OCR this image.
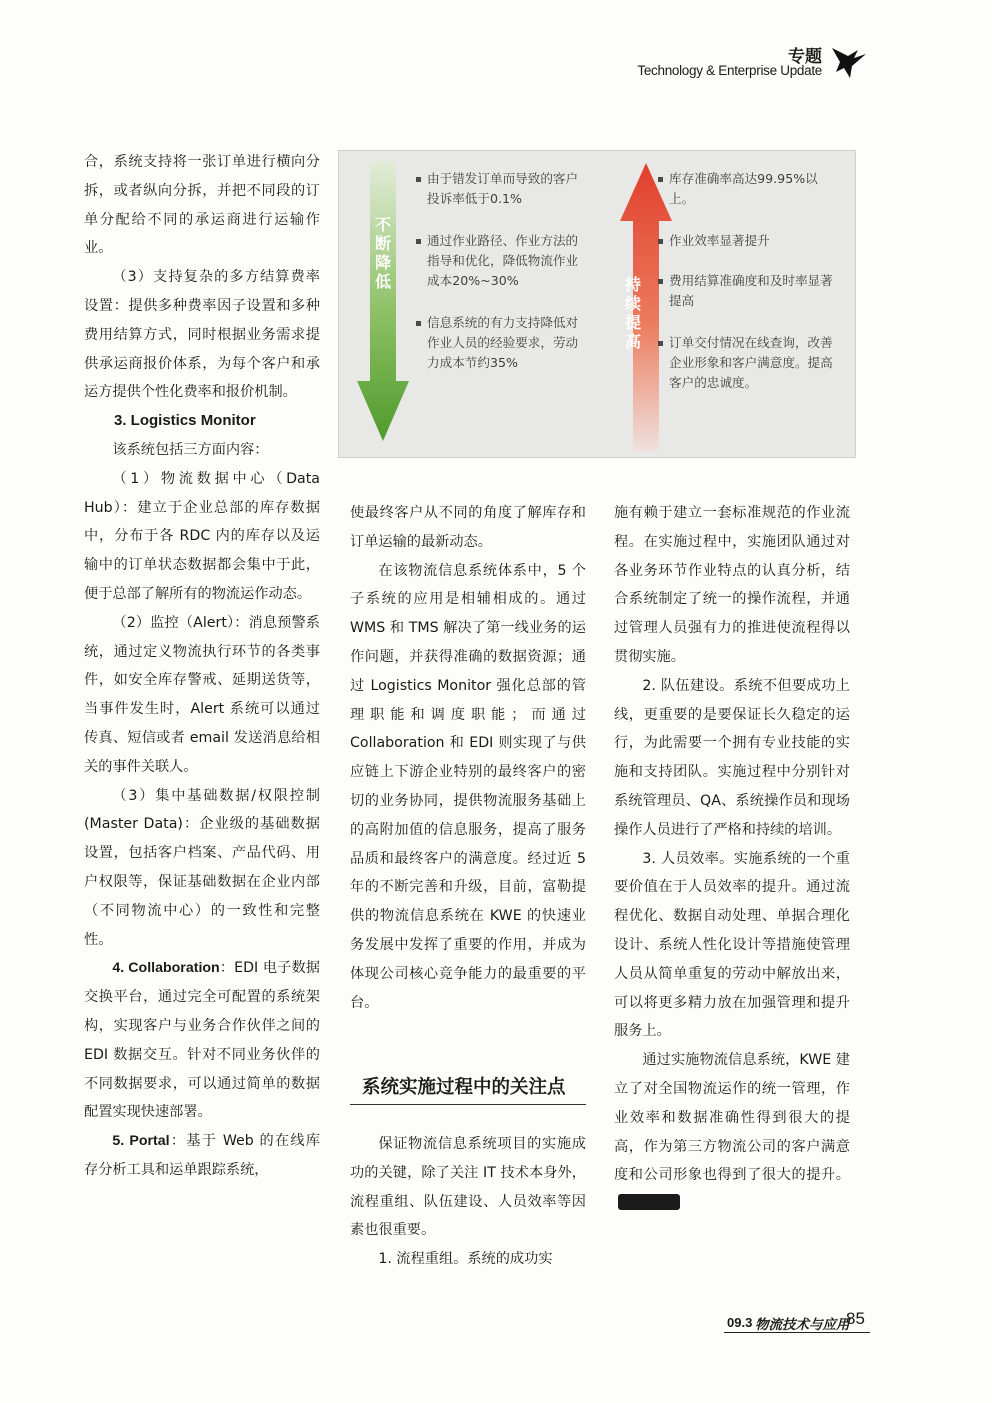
专题
Technology & Enterprise Update

合，系统支持将一张订单进行横向分拆，或者纵向分拆，并把不同段的订单分配给不同的承运商进行运输作业。

（3）支持复杂的多方结算费率设置：提供多种费率因子设置和多种费用结算方式，同时根据业务需求提供承运商报价体系，为每个客户和承运方提供个性化费率和报价机制。

3. Logistics Monitor

该系统包括三方面内容：

（1）物流数据中心（Data Hub）：建立于企业总部的库存数据中，分布于各 RDC 内的库存以及运输中的订单状态数据都会集中于此，便于总部了解所有的物流运作动态。

（2）监控（Alert）：消息预警系统，通过定义物流执行环节的各类事件，如安全库存警戒、延期送货等，当事件发生时，Alert 系统可以通过传真、短信或者 email 发送消息给相关的事件关联人。

（3）集中基础数据/权限控制(Master Data)：企业级的基础数据设置，包括客户档案、产品代码、用户权限等，保证基础数据在企业内部（不同物流中心）的一致性和完整性。

4. Collaboration：EDI 电子数据交换平台，通过完全可配置的系统架构，实现客户与业务合作伙伴之间的 EDI 数据交互。针对不同业务伙伴的不同数据要求，可以通过简单的数据配置实现快速部署。

5. Portal：基于 Web 的在线库存分析工具和运单跟踪系统，

不断降低	持续提高
由于错发订单而导致的客户投诉率低于0.1%
通过作业路径、作业方法的指导和优化，降低物流作业成本20%~30%
信息系统的有力支持降低对作业人员的经验要求，劳动力成本节约35%
库存准确率高达99.95%以上。
作业效率显著提升
费用结算准确度和及时率显著提高
订单交付情况在线查询，改善企业形象和客户满意度。提高客户的忠诚度。

使最终客户从不同的角度了解库存和订单运输的最新动态。

在该物流信息系统体系中，5 个子系统的应用是相辅相成的。通过 WMS 和 TMS 解决了第一线业务的运作问题，并获得准确的数据资源；通过 Logistics Monitor 强化总部的管理职能和调度职能；而通过 Collaboration 和 EDI 则实现了与供应链上下游企业特别的最终客户的密切的业务协同，提供物流服务基础上的高附加值的信息服务，提高了服务品质和最终客户的满意度。经过近 5 年的不断完善和升级，目前，富勒提供的物流信息系统在 KWE 的快速业务发展中发挥了重要的作用，并成为体现公司核心竞争能力的最重要的平台。

系统实施过程中的关注点

保证物流信息系统项目的实施成功的关键，除了关注 IT 技术本身外，流程重组、队伍建设、人员效率等因素也很重要。

1. 流程重组。系统的成功实

施有赖于建立一套标准规范的作业流程。在实施过程中，实施团队通过对各业务环节作业特点的认真分析，结合系统制定了统一的操作流程，并通过管理人员强有力的推进使流程得以贯彻实施。

2. 队伍建设。系统不但要成功上线，更重要的是要保证长久稳定的运行，为此需要一个拥有专业技能的实施和支持团队。实施过程中分别针对系统管理员、QA、系统操作员和现场操作人员进行了严格和持续的培训。

3. 人员效率。实施系统的一个重要价值在于人员效率的提升。通过流程优化、数据自动处理、单据合理化设计、系统人性化设计等措施使管理人员从简单重复的劳动中解放出来，可以将更多精力放在加强管理和提升服务上。

通过实施物流信息系统，KWE 建立了对全国物流运作的统一管理，作业效率和数据准确性得到很大的提高，作为第三方物流公司的客户满意度和公司形象也得到了很大的提升。

09.3 物流技术与应用
85
